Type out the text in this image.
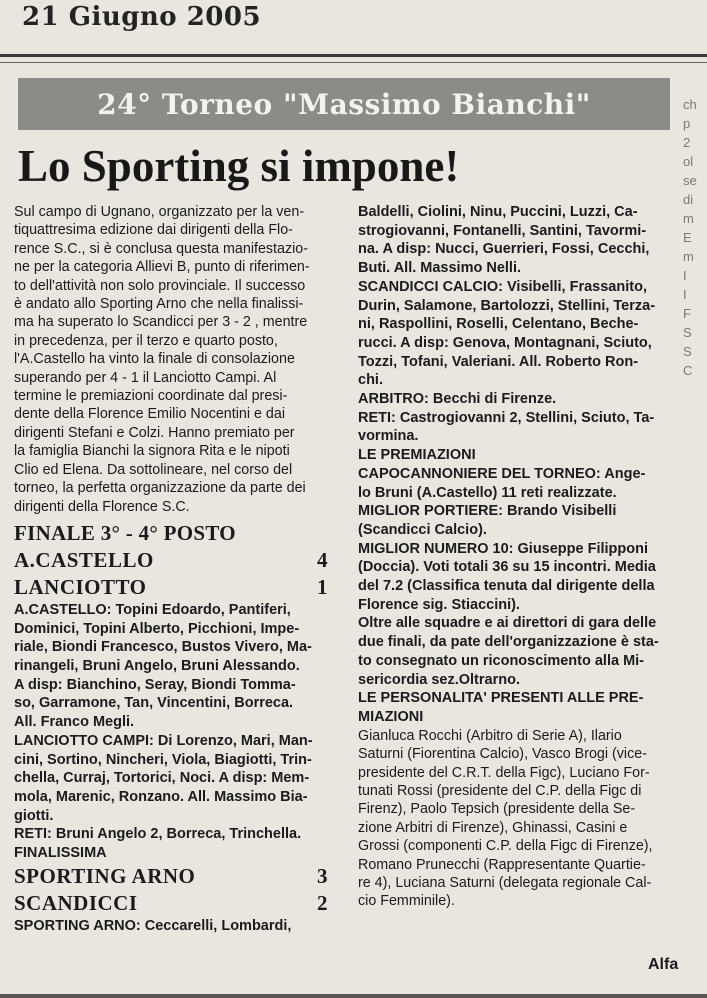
21 Giugno 2005
24° Torneo "Massimo Bianchi"
Lo Sporting si impone!
ch
p
2
ol
se
di
m
E
m
I
I
F
S
S
C
Sul campo di Ugnano, organizzato per la ven-
tiquattresima edizione dai dirigenti della Flo-
rence S.C., si è conclusa questa manifestazio-
ne per la categoria Allievi B, punto di riferimen-
to dell'attività non solo provinciale. Il successo
è andato allo Sporting Arno che nella finalissi-
ma ha superato lo Scandicci per 3 - 2 , mentre
in precedenza, per il terzo e quarto posto,
l'A.Castello ha vinto la finale di consolazione
superando per 4 - 1 il Lanciotto Campi. Al
termine le premiazioni coordinate dal presi-
dente della Florence Emilio Nocentini e dai
dirigenti Stefani e Colzi. Hanno premiato per
la famiglia Bianchi la signora Rita e le nipoti
Clio ed Elena. Da sottolineare, nel corso del
torneo, la perfetta organizzazione da parte dei
dirigenti della Florence S.C.
FINALE 3° - 4° POSTO
A.CASTELLO	4
LANCIOTTO	1
A.CASTELLO: Topini Edoardo, Pantiferi,
Dominici, Topini Alberto, Picchioni, Impe-
riale, Biondi Francesco, Bustos Vivero, Ma-
rinangeli, Bruni Angelo, Bruni Alessando.
A disp: Bianchino, Seray, Biondi Tomma-
so, Garramone, Tan, Vincentini, Borreca.
All. Franco Megli.
LANCIOTTO CAMPI: Di Lorenzo, Mari, Man-
cini, Sortino, Nincheri, Viola, Biagiotti, Trin-
chella, Curraj, Tortorici, Noci. A disp: Mem-
mola, Marenic, Ronzano. All. Massimo Bia-
giotti.
RETI: Bruni Angelo 2, Borreca, Trinchella.
FINALISSIMA
SPORTING ARNO	3
SCANDICCI	2
SPORTING ARNO: Ceccarelli, Lombardi,
Baldelli, Ciolini, Ninu, Puccini, Luzzi, Ca-
strogiovanni, Fontanelli, Santini, Tavormi-
na. A disp: Nucci, Guerrieri, Fossi, Cecchi,
Buti. All. Massimo Nelli.
SCANDICCI CALCIO: Visibelli, Frassanito,
Durin, Salamone, Bartolozzi, Stellini, Terza-
ni, Raspollini, Roselli, Celentano, Beche-
rucci. A disp: Genova, Montagnani, Sciuto,
Tozzi, Tofani, Valeriani. All. Roberto Ron-
chi.
ARBITRO: Becchi di Firenze.
RETI: Castrogiovanni 2, Stellini, Sciuto, Ta-
vormina.
LE PREMIAZIONI
CAPOCANNONIERE DEL TORNEO: Ange-
lo Bruni (A.Castello) 11 reti realizzate.
MIGLIOR PORTIERE: Brando Visibelli
(Scandicci Calcio).
MIGLIOR NUMERO 10: Giuseppe Filipponi
(Doccia). Voti totali 36 su 15 incontri. Media
del 7.2 (Classifica tenuta dal dirigente della
Florence sig. Stiaccini).
Oltre alle squadre e ai direttori di gara delle
due finali, da pate dell'organizzazione è sta-
to consegnato un riconoscimento alla Mi-
sericordia sez.Oltrarno.
LE PERSONALITA' PRESENTI ALLE PRE-
MIAZIONI
Gianluca Rocchi (Arbitro di Serie A), Ilario
Saturni (Fiorentina Calcio), Vasco Brogi (vice-
presidente del C.R.T. della Figc), Luciano For-
tunati Rossi (presidente del C.P. della Figc di
Firenz), Paolo Tepsich (presidente della Se-
zione Arbitri di Firenze), Ghinassi, Casini e
Grossi (componenti C.P. della Figc di Firenze),
Romano Prunecchi (Rappresentante Quartie-
re 4), Luciana Saturni (delegata regionale Cal-
cio Femminile).
Alfa
